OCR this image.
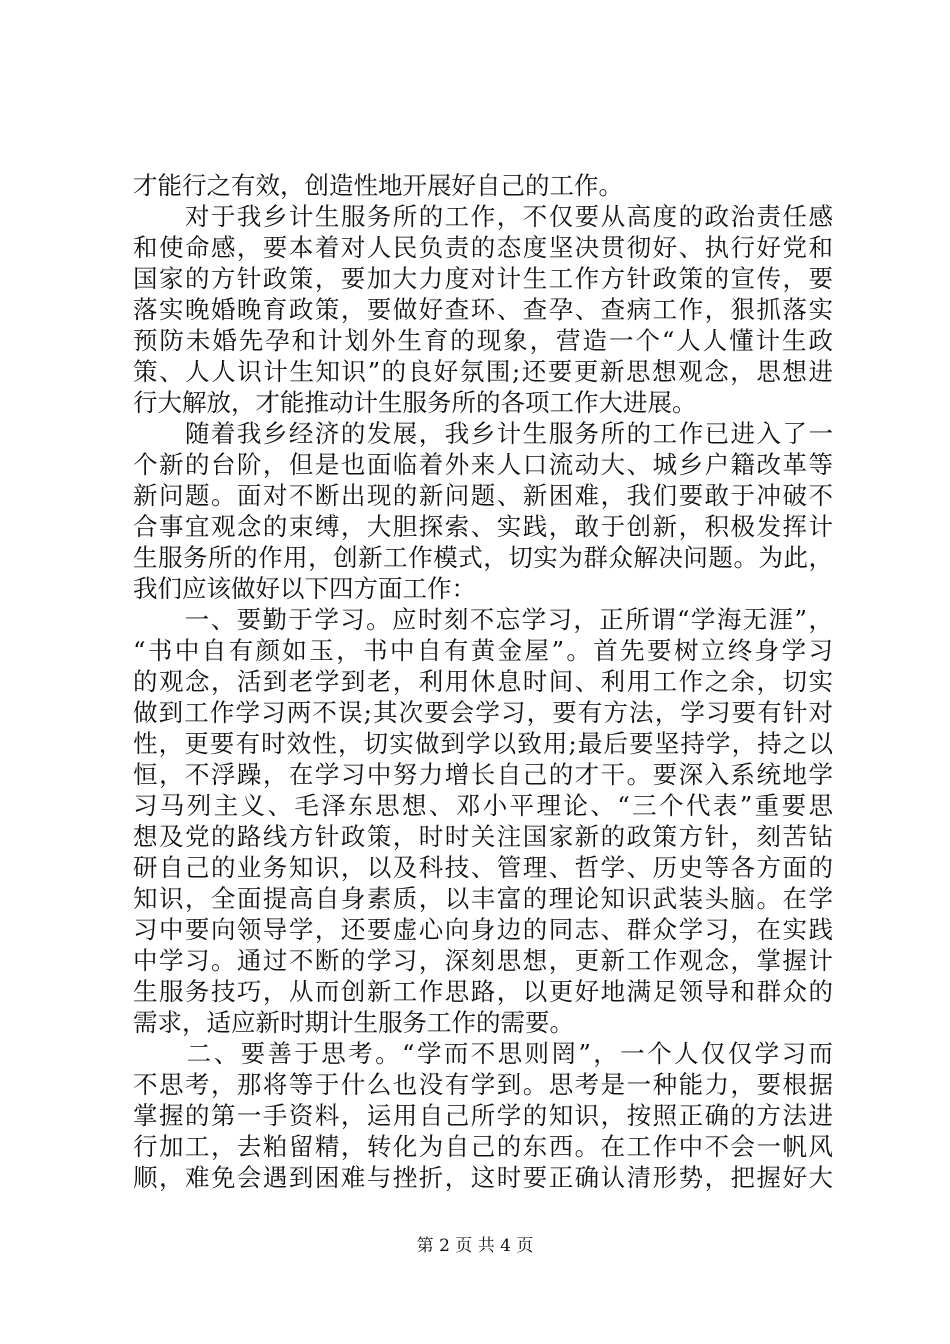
才能行之有效，创造性地开展好自己的工作。
　　对于我乡计生服务所的工作，不仅要从高度的政治责任感
和使命感，要本着对人民负责的态度坚决贯彻好、执行好党和
国家的方针政策，要加大力度对计生工作方针政策的宣传，要
落实晚婚晚育政策，要做好查环、查孕、查病工作，狠抓落实
预防未婚先孕和计划外生育的现象，营造一个“人人懂计生政
策、人人识计生知识”的良好氛围;还要更新思想观念，思想进
行大解放，才能推动计生服务所的各项工作大进展。
　　随着我乡经济的发展，我乡计生服务所的工作已进入了一
个新的台阶，但是也面临着外来人口流动大、城乡户籍改革等
新问题。面对不断出现的新问题、新困难，我们要敢于冲破不
合事宜观念的束缚，大胆探索、实践，敢于创新，积极发挥计
生服务所的作用，创新工作模式，切实为群众解决问题。为此，
我们应该做好以下四方面工作：
　　一、要勤于学习。应时刻不忘学习，正所谓“学海无涯”，
“书中自有颜如玉，书中自有黄金屋”。首先要树立终身学习
的观念，活到老学到老，利用休息时间、利用工作之余，切实
做到工作学习两不误;其次要会学习，要有方法，学习要有针对
性，更要有时效性，切实做到学以致用;最后要坚持学，持之以
恒，不浮躁，在学习中努力增长自己的才干。要深入系统地学
习马列主义、毛泽东思想、邓小平理论、“三个代表”重要思
想及党的路线方针政策，时时关注国家新的政策方针，刻苦钻
研自己的业务知识，以及科技、管理、哲学、历史等各方面的
知识，全面提高自身素质，以丰富的理论知识武装头脑。在学
习中要向领导学，还要虚心向身边的同志、群众学习，在实践
中学习。通过不断的学习，深刻思想，更新工作观念，掌握计
生服务技巧，从而创新工作思路，以更好地满足领导和群众的
需求，适应新时期计生服务工作的需要。
　　二、要善于思考。“学而不思则罔”，一个人仅仅学习而
不思考，那将等于什么也没有学到。思考是一种能力，要根据
掌握的第一手资料，运用自己所学的知识，按照正确的方法进
行加工，去粕留精，转化为自己的东西。在工作中不会一帆风
顺，难免会遇到困难与挫折，这时要正确认清形势，把握好大
第 2 页 共 4 页
